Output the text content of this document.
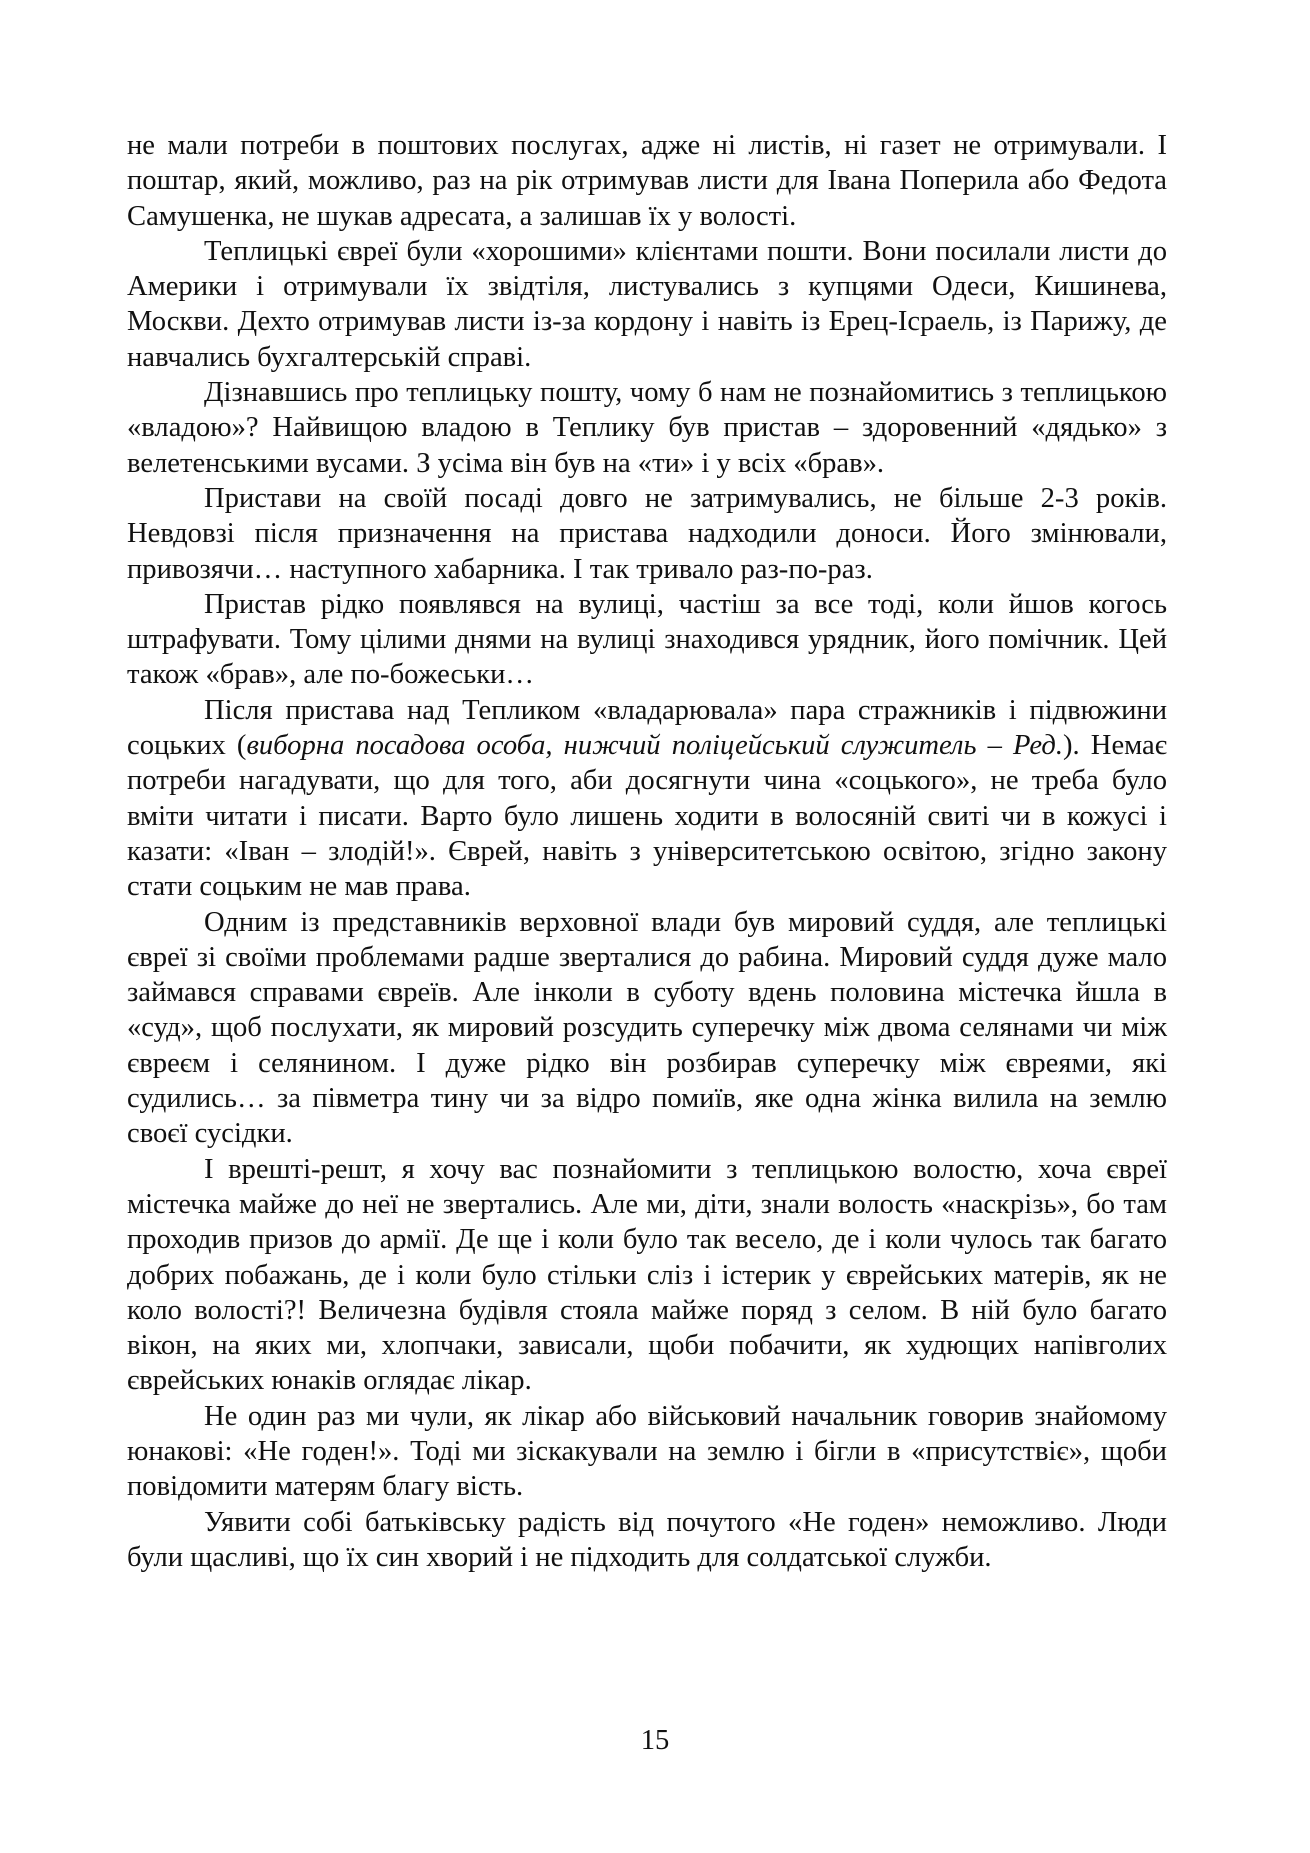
не мали потреби в поштових послугах, адже ні листів, ні газет не отримували. І поштар, який, можливо, раз на рік отримував листи для Івана Поперила або Федота Самушенка, не шукав адресата, а залишав їх у волості.

Теплицькі євреї були «хорошими» клієнтами пошти. Вони посилали листи до Америки і отримували їх звідтіля, листувались з купцями Одеси, Кишинева, Москви. Дехто отримував листи із-за кордону і навіть із Ерец-Ісраель, із Парижу, де навчались бухгалтерській справі.

Дізнавшись про теплицьку пошту, чому б нам не познайомитись з теплицькою «владою»? Найвищою владою в Теплику був пристав – здоровенний «дядько» з велетенськими вусами. З усіма він був на «ти» і у всіх «брав».

Пристави на своїй посаді довго не затримувались, не більше 2-3 років. Невдовзі після призначення на пристава надходили доноси. Його змінювали, привозячи… наступного хабарника. І так тривало раз-по-раз.

Пристав рідко появлявся на вулиці, частіш за все тоді, коли йшов когось штрафувати. Тому цілими днями на вулиці знаходився урядник, його помічник. Цей також «брав», але по-божеськи…

Після пристава над Тепликом «владарювала» пара стражників і підвюжини соцьких (виборна посадова особа, нижчий поліцейський служитель – Ред.). Немає потреби нагадувати, що для того, аби досягнути чина «соцького», не треба було вміти читати і писати. Варто було лишень ходити в волосяній свиті чи в кожусі і казати: «Іван – злодій!». Єврей, навіть з університетською освітою, згідно закону стати соцьким не мав права.

Одним із представників верховної влади був мировий суддя, але теплицькі євреї зі своїми проблемами радше зверталися до рабина. Мировий суддя дуже мало займався справами євреїв. Але інколи в суботу вдень половина містечка йшла в «суд», щоб послухати, як мировий розсудить суперечку між двома селянами чи між євреєм і селянином. І дуже рідко він розбирав суперечку між євреями, які судились… за півметра тину чи за відро помиїв, яке одна жінка вилила на землю своєї сусідки.

І врешті-решт, я хочу вас познайомити з теплицькою волостю, хоча євреї містечка майже до неї не звертались. Але ми, діти, знали волость «наскрізь», бо там проходив призов до армії. Де ще і коли було так весело, де і коли чулось так багато добрих побажань, де і коли було стільки сліз і істерик у єврейських матерів, як не коло волості?! Величезна будівля стояла майже поряд з селом. В ній було багато вікон, на яких ми, хлопчаки, зависали, щоби побачити, як худющих напівголих єврейських юнаків оглядає лікар.

Не один раз ми чули, як лікар або військовий начальник говорив знайомому юнакові: «Не годен!». Тоді ми зіскакували на землю і бігли в «присутствіє», щоби повідомити матерям благу вість.

Уявити собі батьківську радість від почутого «Не годен» неможливо. Люди були щасливі, що їх син хворий і не підходить для солдатської служби.

15
